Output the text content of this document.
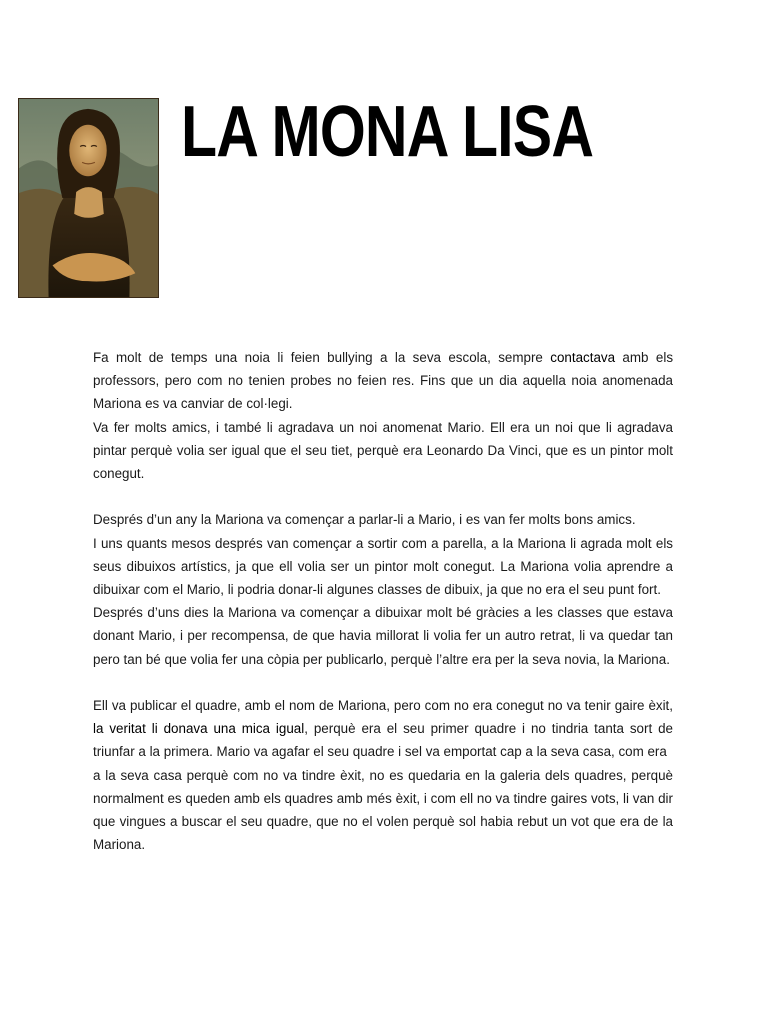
LA MONA LISA

Fa molt de temps una noia li feien bullying a la seva escola, sempre contactava amb els professors, pero com no tenien probes no feien res. Fins que un dia aquella noia anomenada Mariona es va canviar de col·legi.

Va fer molts amics, i també li agradava un noi anomenat Mario. Ell era un noi que li agradava pintar perquè volia ser igual que el seu tiet, perquè era Leonardo Da Vinci, que es un pintor molt conegut.

Després d’un any la Mariona va començar a parlar-li a Mario, i es van fer molts bons amics.

I uns quants mesos després van començar a sortir com a parella, a la Mariona li agrada molt els seus dibuixos artístics, ja que ell volia ser un pintor molt conegut. La Mariona volia aprendre a dibuixar com el Mario, li podria donar-li algunes classes de dibuix, ja que no era el seu punt fort.

Després d’uns dies la Mariona va començar a dibuixar molt bé gràcies a les classes que estava donant Mario, i per recompensa, de que havia millorat li volia fer un autro retrat, li va quedar tan pero tan bé que volia fer una còpia per publicarlo, perquè l’altre era per la seva novia, la Mariona.

Ell va publicar el quadre, amb el nom de Mariona, pero com no era conegut no va tenir gaire èxit, la veritat li donava una mica igual, perquè era el seu primer quadre i no tindria tanta sort de triunfar a la primera. Mario va agafar el seu quadre i sel va emportat cap a la seva casa, com era

a la seva casa perquè com no va tindre èxit, no es quedaria en la galeria dels quadres, perquè normalment es queden amb els quadres amb més èxit, i com ell no va tindre gaires vots, li van dir que vingues a buscar el seu quadre, que no el volen perquè sol habia rebut un vot que era de la Mariona.
